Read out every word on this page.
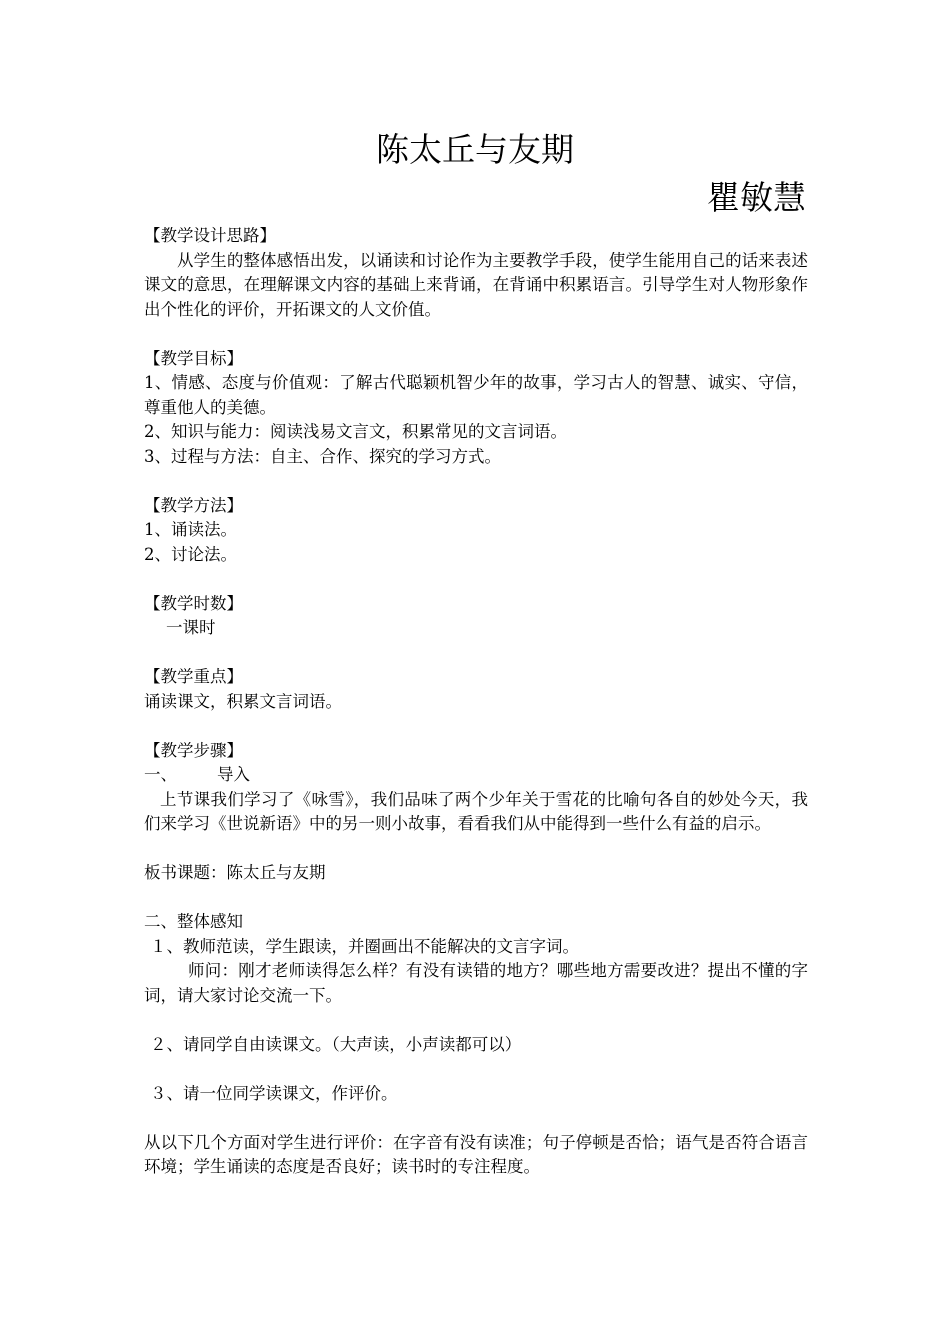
陈太丘与友期
瞿敏慧

【教学设计思路】

从学生的整体感悟出发，以诵读和讨论作为主要教学手段，使学生能用自己的话来表述课文的意思，在理解课文内容的基础上来背诵，在背诵中积累语言。引导学生对人物形象作出个性化的评价，开拓课文的人文价值。

【教学目标】

1、情感、态度与价值观：了解古代聪颖机智少年的故事，学习古人的智慧、诚实、守信，尊重他人的美德。

2、知识与能力：阅读浅易文言文，积累常见的文言词语。

3、过程与方法：自主、合作、探究的学习方式。

【教学方法】

1、诵读法。

2、讨论法。

【教学时数】

一课时

【教学重点】

诵读课文，积累文言词语。

【教学步骤】

一、 导入

上节课我们学习了《咏雪》，我们品味了两个少年关于雪花的比喻句各自的妙处今天，我们来学习《世说新语》中的另一则小故事，看看我们从中能得到一些什么有益的启示。

板书课题：陈太丘与友期

二、整体感知

１、教师范读，学生跟读，并圈画出不能解决的文言字词。

师问：刚才老师读得怎么样？有没有读错的地方？哪些地方需要改进？提出不懂的字词，请大家讨论交流一下。

２、请同学自由读课文。（大声读，小声读都可以）

３、请一位同学读课文，作评价。

从以下几个方面对学生进行评价：在字音有没有读准；句子停顿是否恰；语气是否符合语言环境；学生诵读的态度是否良好；读书时的专注程度。
